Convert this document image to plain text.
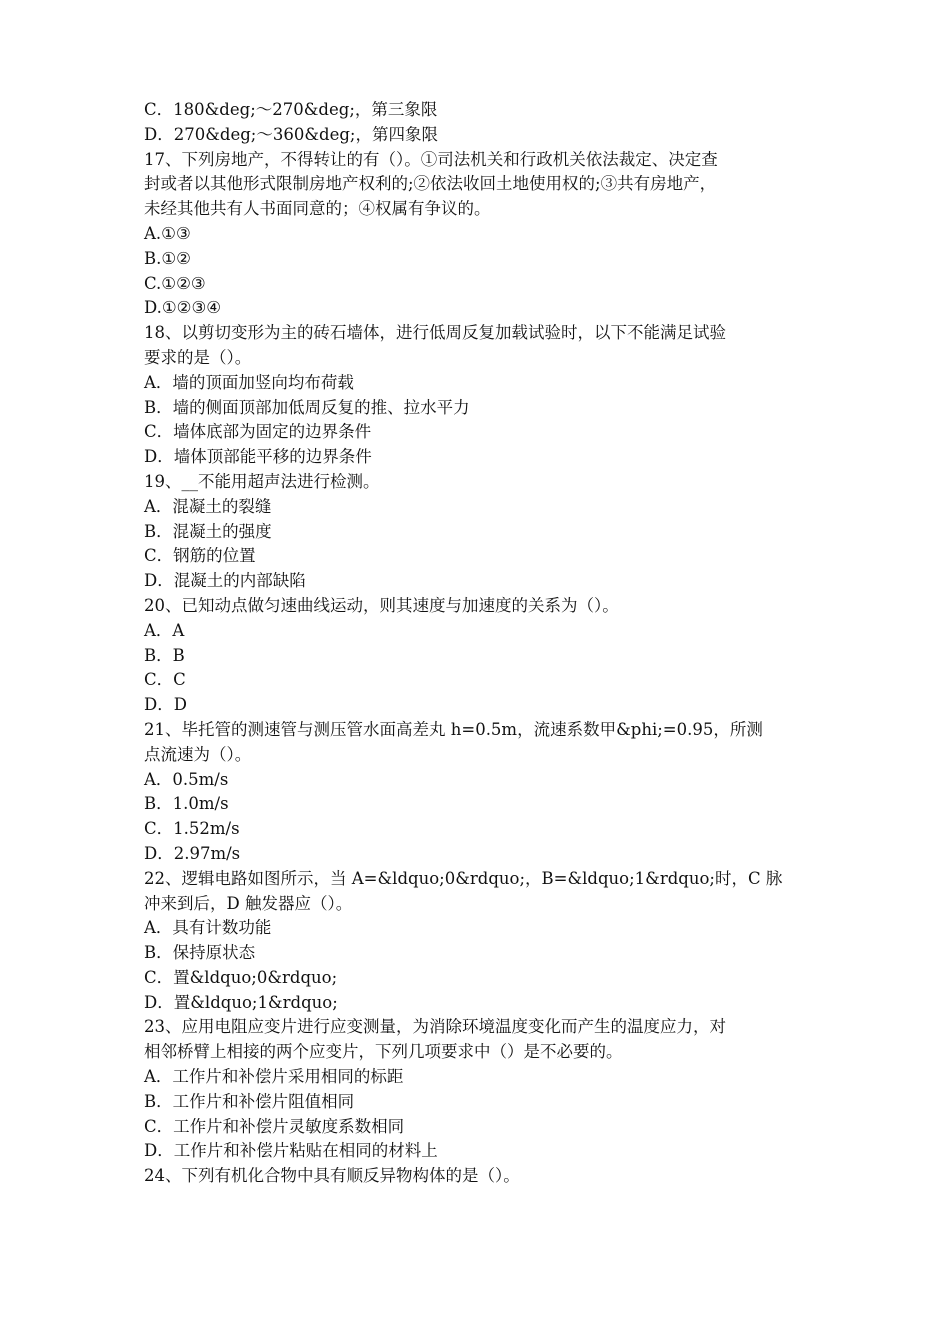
C．180&deg;～270&deg;，第三象限
D．270&deg;～360&deg;，第四象限
17、下列房地产，不得转让的有（）。①司法机关和行政机关依法裁定、决定查
封或者以其他形式限制房地产权利的;②依法收回土地使用权的;③共有房地产，
未经其他共有人书面同意的；④权属有争议的。
A.①③
B.①②
C.①②③
D.①②③④
18、以剪切变形为主的砖石墙体，进行低周反复加载试验时，以下不能满足试验
要求的是（）。
A．墙的顶面加竖向均布荷载
B．墙的侧面顶部加低周反复的推、拉水平力
C．墙体底部为固定的边界条件
D．墙体顶部能平移的边界条件
19、__不能用超声法进行检测。
A．混凝土的裂缝
B．混凝土的强度
C．钢筋的位置
D．混凝土的内部缺陷
20、已知动点做匀速曲线运动，则其速度与加速度的关系为（）。
A．A
B．B
C．C
D．D
21、毕托管的测速管与测压管水面高差丸 h=0.5m，流速系数甲&phi;=0.95，所测
点流速为（）。
A．0.5m/s
B．1.0m/s
C．1.52m/s
D．2.97m/s
22、逻辑电路如图所示，当 A=&ldquo;0&rdquo;，B=&ldquo;1&rdquo;时，C 脉
冲来到后，D 触发器应（）。
A．具有计数功能
B．保持原状态
C．置&ldquo;0&rdquo;
D．置&ldquo;1&rdquo;
23、应用电阻应变片进行应变测量，为消除环境温度变化而产生的温度应力，对
相邻桥臂上相接的两个应变片，下列几项要求中（）是不必要的。
A．工作片和补偿片采用相同的标距
B．工作片和补偿片阻值相同
C．工作片和补偿片灵敏度系数相同
D．工作片和补偿片粘贴在相同的材料上
24、下列有机化合物中具有顺反异物构体的是（）。
